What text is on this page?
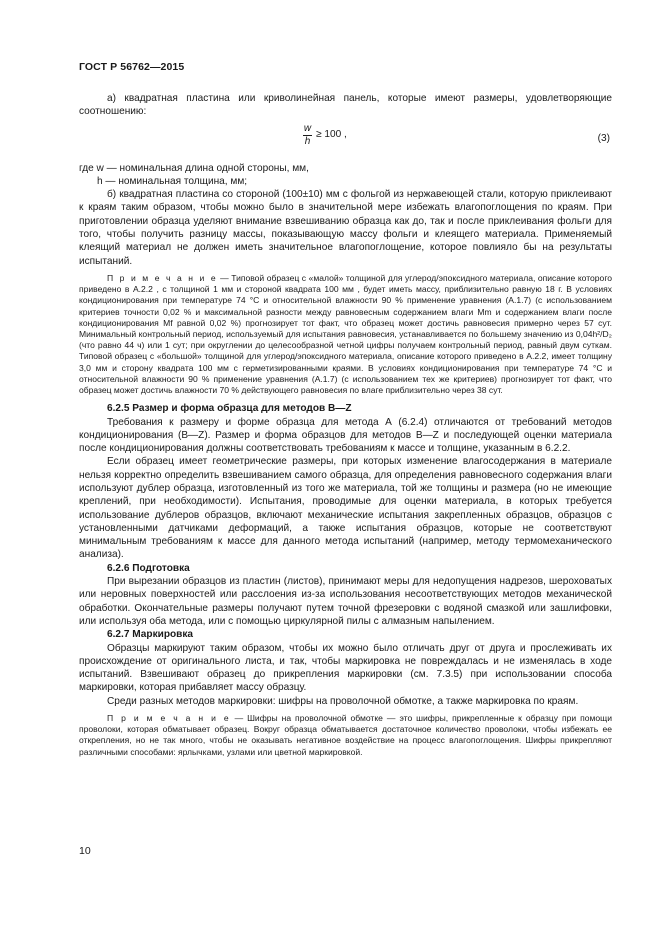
ГОСТ Р 56762—2015

а) квадратная пластина или криволинейная панель, которые имеют размеры, удовлетворяющие соотношению:

$\frac{w}{h} \ge 100$ ,	(3)

где w — номинальная длина одной стороны, мм,

h — номинальная толщина, мм;

б) квадратная пластина со стороной (100±10) мм с фольгой из нержавеющей стали, которую приклеивают к краям таким образом, чтобы можно было в значительной мере избежать влагопоглощения по краям. При приготовлении образца уделяют внимание взвешиванию образца как до, так и после приклеивания фольги для того, чтобы получить разницу массы, показывающую массу фольги и клеящего материала. Применяемый клеящий материал не должен иметь значительное влагопоглощение, которое повлияло бы на результаты испытаний.

П р и м е ч а н и е — Типовой образец с «малой» толщиной для углерод/эпоксидного материала, описание которого приведено в А.2.2 , с толщиной 1 мм и стороной квадрата 100 мм , будет иметь массу, приблизительно равную 18 г. В условиях кондиционирования при температуре 74 °С и относительной влажности 90 % применение уравнения (А.1.7) (с использованием критериев точности 0,02 % и максимальной разности между равновесным содержанием влаги Mm и содержанием влаги после кондиционирования Mf равной 0,02 %) прогнозирует тот факт, что образец может достичь равновесия примерно через 57 сут. Минимальный контрольный период, используемый для испытания равновесия, устанавливается по большему значению из 0,04h²/D₂ (что равно 44 ч) или 1 сут; при округлении до целесообразной четной цифры получаем контрольный период, равный двум суткам. Типовой образец с «большой» толщиной для углерод/эпоксидного материала, описание которого приведено в А.2.2, имеет толщину 3,0 мм и сторону квадрата 100 мм с герметизированными краями. В условиях кондиционирования при температуре 74 °С и относительной влажности 90 % применение уравнения (А.1.7) (с использованием тех же критериев) прогнозирует тот факт, что образец может достичь влажности 70 % действующего равновесия по влаге приблизительно через 38 сут.

6.2.5 Размер и форма образца для методов В—Z

Требования к размеру и форме образца для метода А (6.2.4) отличаются от требований методов кондиционирования (В—Z). Размер и форма образцов для методов В—Z и последующей оценки материала после кондиционирования должны соответствовать требованиям к массе и толщине, указанным в 6.2.2.

Если образец имеет геометрические размеры, при которых изменение влагосодержания в материале нельзя корректно определить взвешиванием самого образца, для определения равновесного содержания влаги используют дублер образца, изготовленный из того же материала, той же толщины и размера (но не имеющие креплений, при необходимости). Испытания, проводимые для оценки материала, в которых требуется использование дублеров образцов, включают механические испытания закрепленных образцов, образцов с установленными датчиками деформаций, а также испытания образцов, которые не соответствуют минимальным требованиям к массе для данного метода испытаний (например, методу термомеханического анализа).

6.2.6 Подготовка

При вырезании образцов из пластин (листов), принимают меры для недопущения надрезов, шероховатых или неровных поверхностей или расслоения из-за использования несоответствующих методов механической обработки. Окончательные размеры получают путем точной фрезеровки с водяной смазкой или зашлифовки, или используя оба метода, или с помощью циркулярной пилы с алмазным напылением.

6.2.7 Маркировка

Образцы маркируют таким образом, чтобы их можно было отличать друг от друга и прослеживать их происхождение от оригинального листа, и так, чтобы маркировка не повреждалась и не изменялась в ходе испытаний. Взвешивают образец до прикрепления маркировки (см. 7.3.5) при использовании способа маркировки, которая прибавляет массу образцу.

Среди разных методов маркировки: шифры на проволочной обмотке, а также маркировка по краям.

П р и м е ч а н и е — Шифры на проволочной обмотке — это шифры, прикрепленные к образцу при помощи проволоки, которая обматывает образец. Вокруг образца обматывается достаточное количество проволоки, чтобы избежать ее открепления, но не так много, чтобы не оказывать негативное воздействие на процесс влагопоглощения. Шифры прикрепляют различными способами: ярлычками, узлами или цветной маркировкой.

10
